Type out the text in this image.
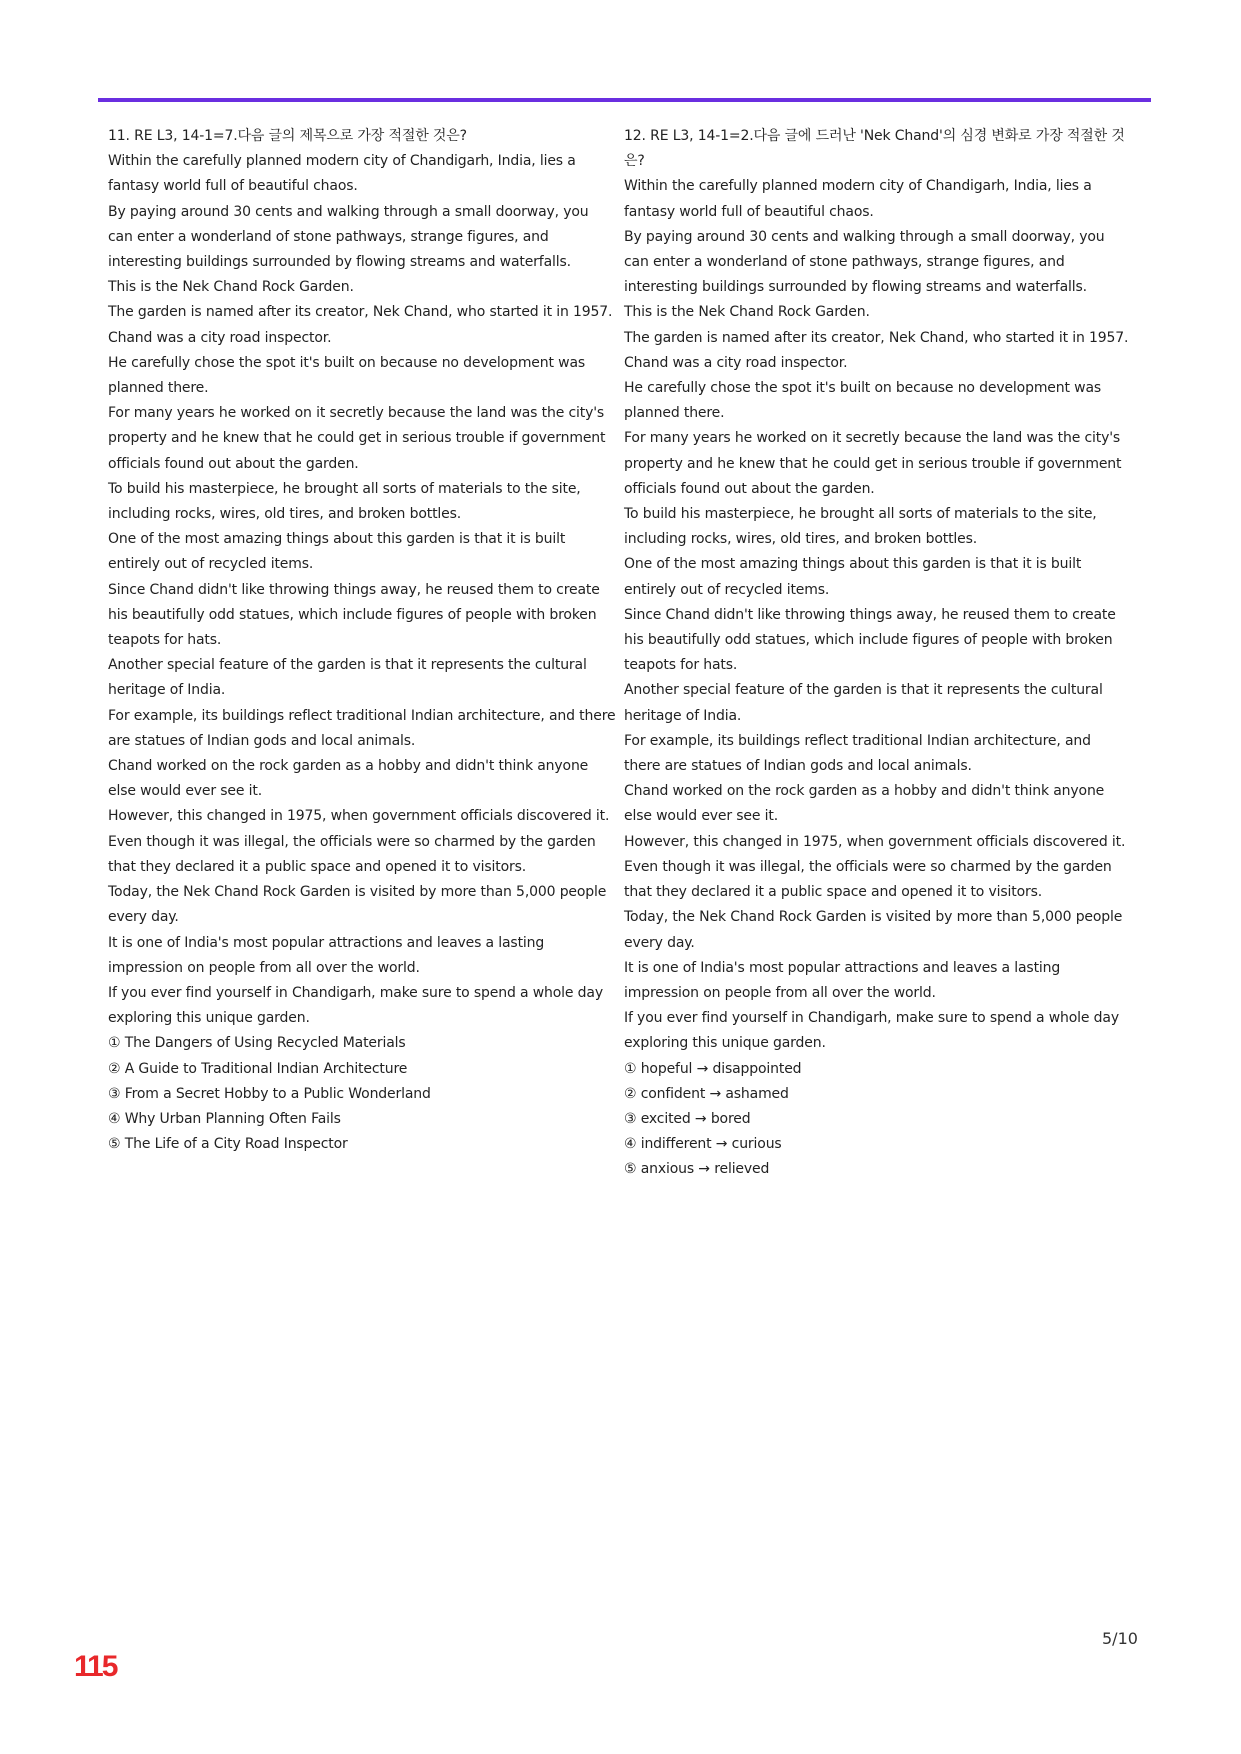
11. RE L3, 14-1=7.다음 글의 제목으로 가장 적절한 것은?

Within the carefully planned modern city of Chandigarh, India, lies a fantasy world full of beautiful chaos.

By paying around 30 cents and walking through a small doorway, you can enter a wonderland of stone pathways, strange figures, and interesting buildings surrounded by flowing streams and waterfalls.

This is the Nek Chand Rock Garden.

The garden is named after its creator, Nek Chand, who started it in 1957.

Chand was a city road inspector.

He carefully chose the spot it's built on because no development was planned there.

For many years he worked on it secretly because the land was the city's property and he knew that he could get in serious trouble if government officials found out about the garden.

To build his masterpiece, he brought all sorts of materials to the site, including rocks, wires, old tires, and broken bottles.

One of the most amazing things about this garden is that it is built entirely out of recycled items.

Since Chand didn't like throwing things away, he reused them to create his beautifully odd statues, which include figures of people with broken teapots for hats.

Another special feature of the garden is that it represents the cultural heritage of India.

For example, its buildings reflect traditional Indian architecture, and there are statues of Indian gods and local animals.

Chand worked on the rock garden as a hobby and didn't think anyone else would ever see it.

However, this changed in 1975, when government officials discovered it.

Even though it was illegal, the officials were so charmed by the garden that they declared it a public space and opened it to visitors.

Today, the Nek Chand Rock Garden is visited by more than 5,000 people every day.

It is one of India's most popular attractions and leaves a lasting impression on people from all over the world.

If you ever find yourself in Chandigarh, make sure to spend a whole day exploring this unique garden.

① The Dangers of Using Recycled Materials
② A Guide to Traditional Indian Architecture
③ From a Secret Hobby to a Public Wonderland
④ Why Urban Planning Often Fails
⑤ The Life of a City Road Inspector

12. RE L3, 14-1=2.다음 글에 드러난 'Nek Chand'의 심경 변화로 가장 적절한 것은?

Within the carefully planned modern city of Chandigarh, India, lies a fantasy world full of beautiful chaos.

By paying around 30 cents and walking through a small doorway, you can enter a wonderland of stone pathways, strange figures, and interesting buildings surrounded by flowing streams and waterfalls.

This is the Nek Chand Rock Garden.

The garden is named after its creator, Nek Chand, who started it in 1957.

Chand was a city road inspector.

He carefully chose the spot it's built on because no development was planned there.

For many years he worked on it secretly because the land was the city's property and he knew that he could get in serious trouble if government officials found out about the garden.

To build his masterpiece, he brought all sorts of materials to the site, including rocks, wires, old tires, and broken bottles.

One of the most amazing things about this garden is that it is built entirely out of recycled items.

Since Chand didn't like throwing things away, he reused them to create his beautifully odd statues, which include figures of people with broken teapots for hats.

Another special feature of the garden is that it represents the cultural heritage of India.

For example, its buildings reflect traditional Indian architecture, and there are statues of Indian gods and local animals.

Chand worked on the rock garden as a hobby and didn't think anyone else would ever see it.

However, this changed in 1975, when government officials discovered it.

Even though it was illegal, the officials were so charmed by the garden that they declared it a public space and opened it to visitors.

Today, the Nek Chand Rock Garden is visited by more than 5,000 people every day.

It is one of India's most popular attractions and leaves a lasting impression on people from all over the world.

If you ever find yourself in Chandigarh, make sure to spend a whole day exploring this unique garden.

① hopeful → disappointed
② confident → ashamed
③ excited → bored
④ indifferent → curious
⑤ anxious → relieved
5/10
115
